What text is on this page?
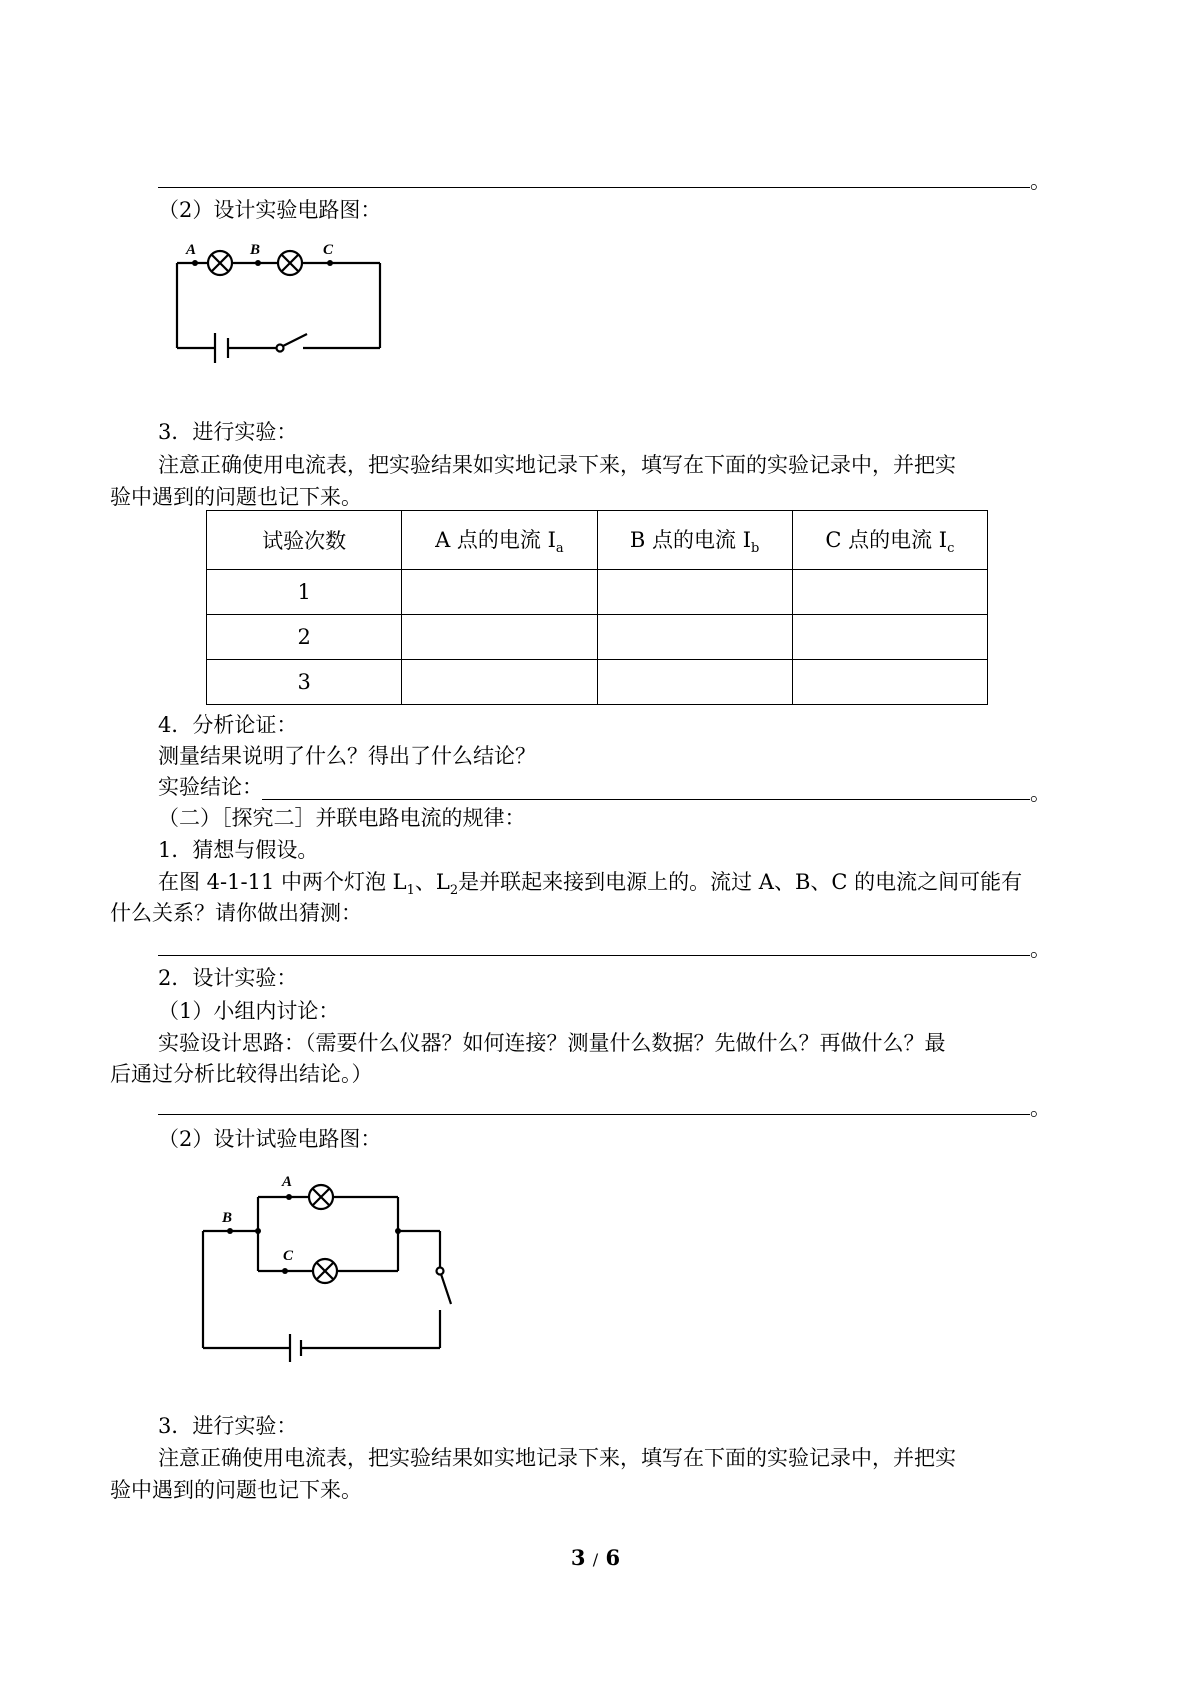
。
（2）设计实验电路图：
A	B	C
3．进行实验：
注意正确使用电流表，把实验结果如实地记录下来，填写在下面的实验记录中，并把实
验中遇到的问题也记下来。
试验次数	A 点的电流 $I_a$	B 点的电流 $I_b$	C 点的电流 $I_c$
1			
2			
3			
4．分析论证：
测量结果说明了什么？得出了什么结论？
实验结论：	。
（二）［探究二］并联电路电流的规律：
1．猜想与假设。
在图 4-1-11 中两个灯泡 $L_1$、$L_2$是并联起来接到电源上的。流过 A、B、C 的电流之间可能有
什么关系？请你做出猜测：
。
2．设计实验：
（1）小组内讨论：
实验设计思路：（需要什么仪器？如何连接？测量什么数据？先做什么？再做什么？最
后通过分析比较得出结论。）
。
（2）设计试验电路图：
A
B
C
3．进行实验：
注意正确使用电流表，把实验结果如实地记录下来，填写在下面的实验记录中，并把实
验中遇到的问题也记下来。
3 / 6
